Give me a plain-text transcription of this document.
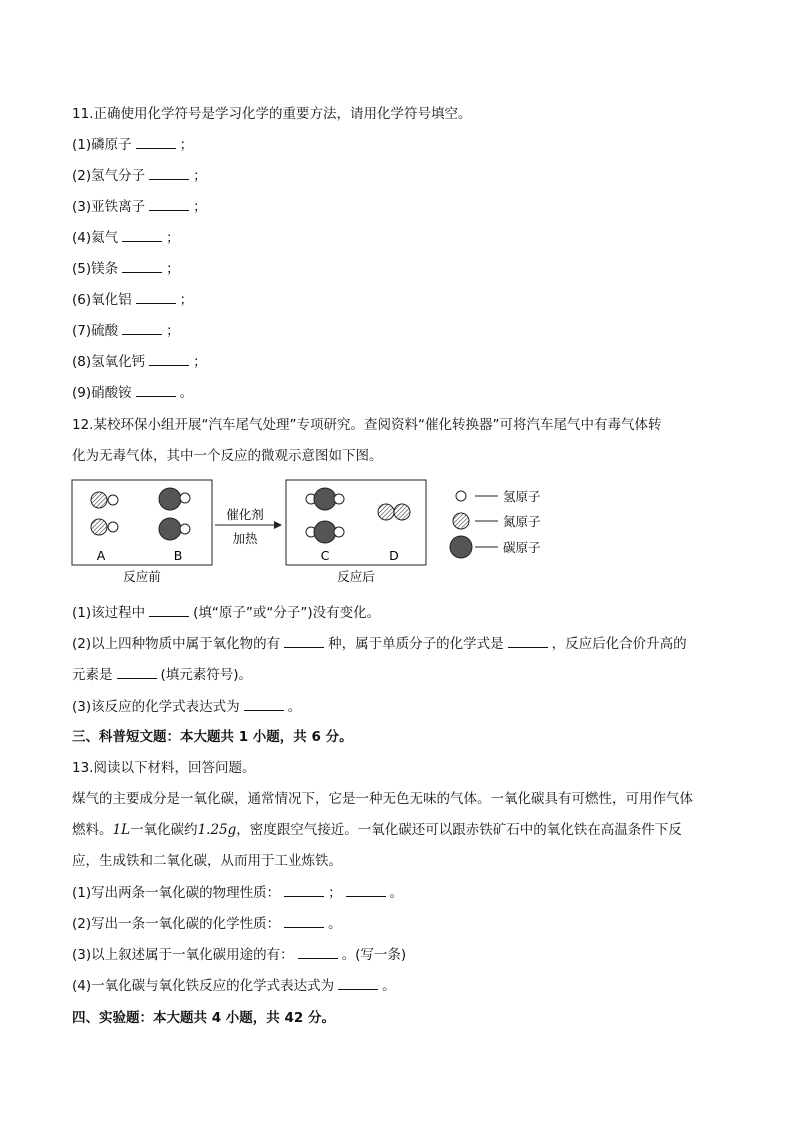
11.正确使用化学符号是学习化学的重要方法，请用化学符号填空。
(1)磷原子	；
(2)氢气分子	；
(3)亚铁离子	；
(4)氦气	；
(5)镁条	；
(6)氧化铝	；
(7)硫酸	；
(8)氢氧化钙	；
(9)硝酸铵	。
12.某校环保小组开展“汽车尾气处理”专项研究。查阅资料“催化转换器”可将汽车尾气中有毒气体转
化为无毒气体，其中一个反应的微观示意图如下图。
A	B
反应前
催化剂
加热
C	D
反应后
氢原子
氮原子
碳原子
(1)该过程中	(填“原子”或“分子”)没有变化。
(2)以上四种物质中属于氧化物的有	种，属于单质分子的化学式是	，反应后化合价升高的
元素是	(填元素符号)。
(3)该反应的化学式表达式为	。
三、科普短文题：本大题共 1 小题，共 6 分。
13.阅读以下材料，回答问题。
煤气的主要成分是一氧化碳，通常情况下，它是一种无色无味的气体。一氧化碳具有可燃性，可用作气体
燃料。1L一氧化碳约1.25g，密度跟空气接近。一氧化碳还可以跟赤铁矿石中的氧化铁在高温条件下反
应，生成铁和二氧化碳，从而用于工业炼铁。
(1)写出两条一氧化碳的物理性质：	；	。
(2)写出一条一氧化碳的化学性质：	。
(3)以上叙述属于一氧化碳用途的有：	。(写一条)
(4)一氧化碳与氧化铁反应的化学式表达式为	。
四、实验题：本大题共 4 小题，共 42 分。
